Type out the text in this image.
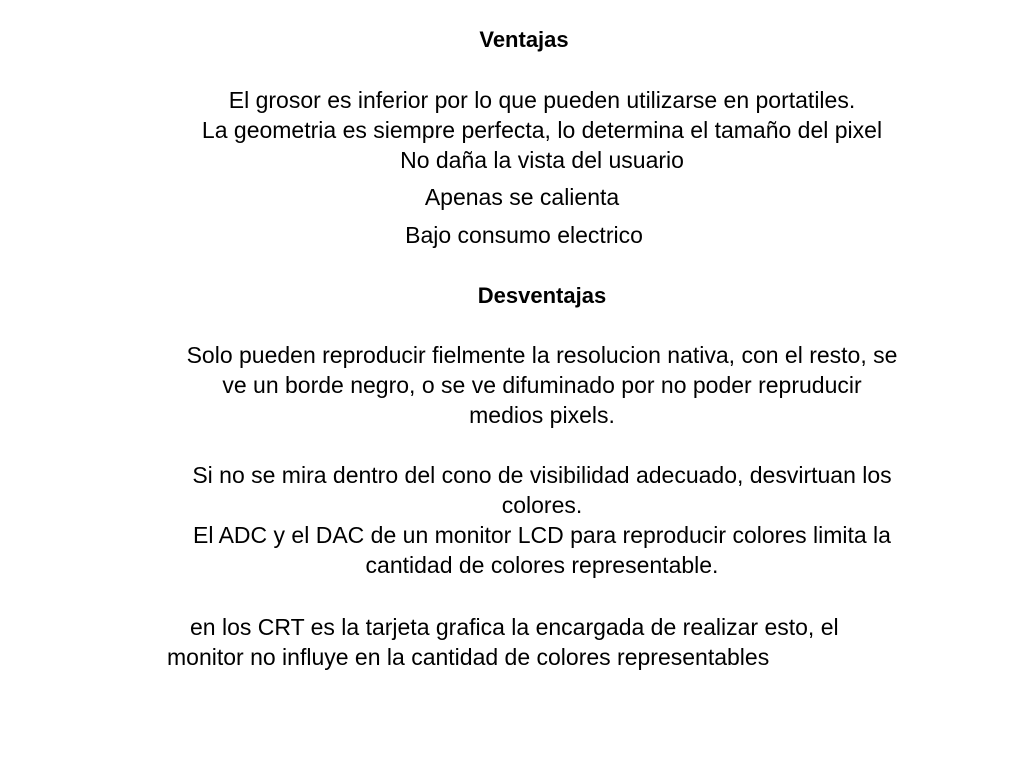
Ventajas
El grosor es inferior por lo que pueden utilizarse en portatiles.
La geometria es siempre perfecta, lo determina el tamaño del pixel
No daña la vista del usuario
Apenas se calienta
Bajo consumo electrico
Desventajas
Solo pueden reproducir fielmente la resolucion nativa, con el resto, se
ve un borde negro, o se ve difuminado por no poder repruducir
medios pixels.
Si no se mira dentro del cono de visibilidad adecuado, desvirtuan los
colores.
El ADC y el DAC de un monitor LCD para reproducir colores limita la
cantidad de colores representable.
en los CRT es la tarjeta grafica la encargada de realizar esto, el
monitor no influye en la cantidad de colores representables
